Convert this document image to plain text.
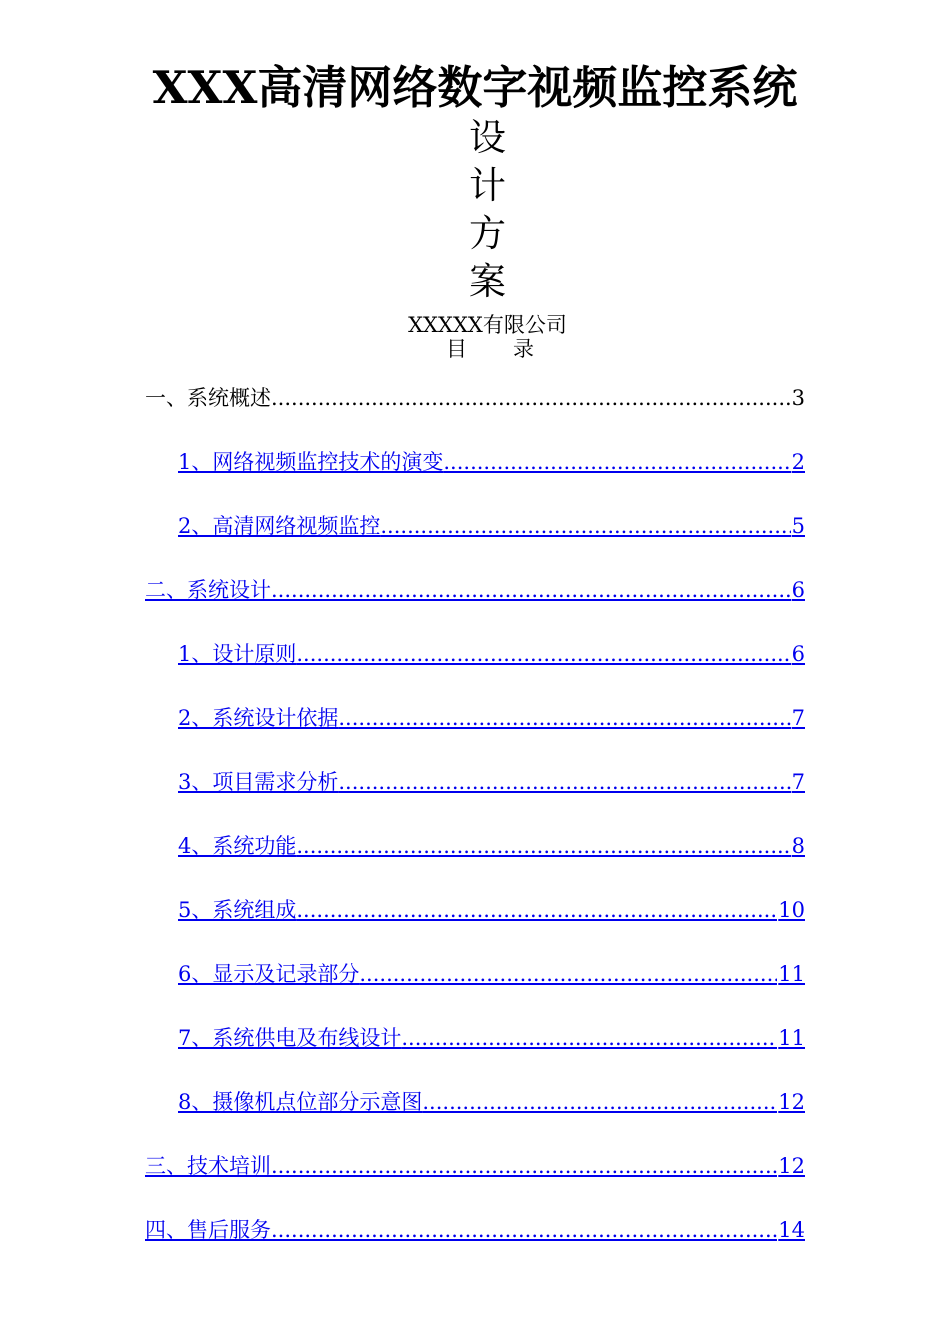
XXX高清网络数字视频监控系统
设
计
方
案
XXXXX有限公司
目 录
一、系统概述 .....	3
1、网络视频监控技术的演变 .....	2
2、高清网络视频监控 .....	5
二、系统设计 .....	6
1、设计原则 .....	6
2、系统设计依据 .....	7
3、项目需求分析 .....	7
4、系统功能 .....	8
5、系统组成 .....	10
6、显示及记录部分 .....	11
7、系统供电及布线设计 .....	11
8、摄像机点位部分示意图 .....	12
三、技术培训 .....	12
四、售后服务 .....	14
